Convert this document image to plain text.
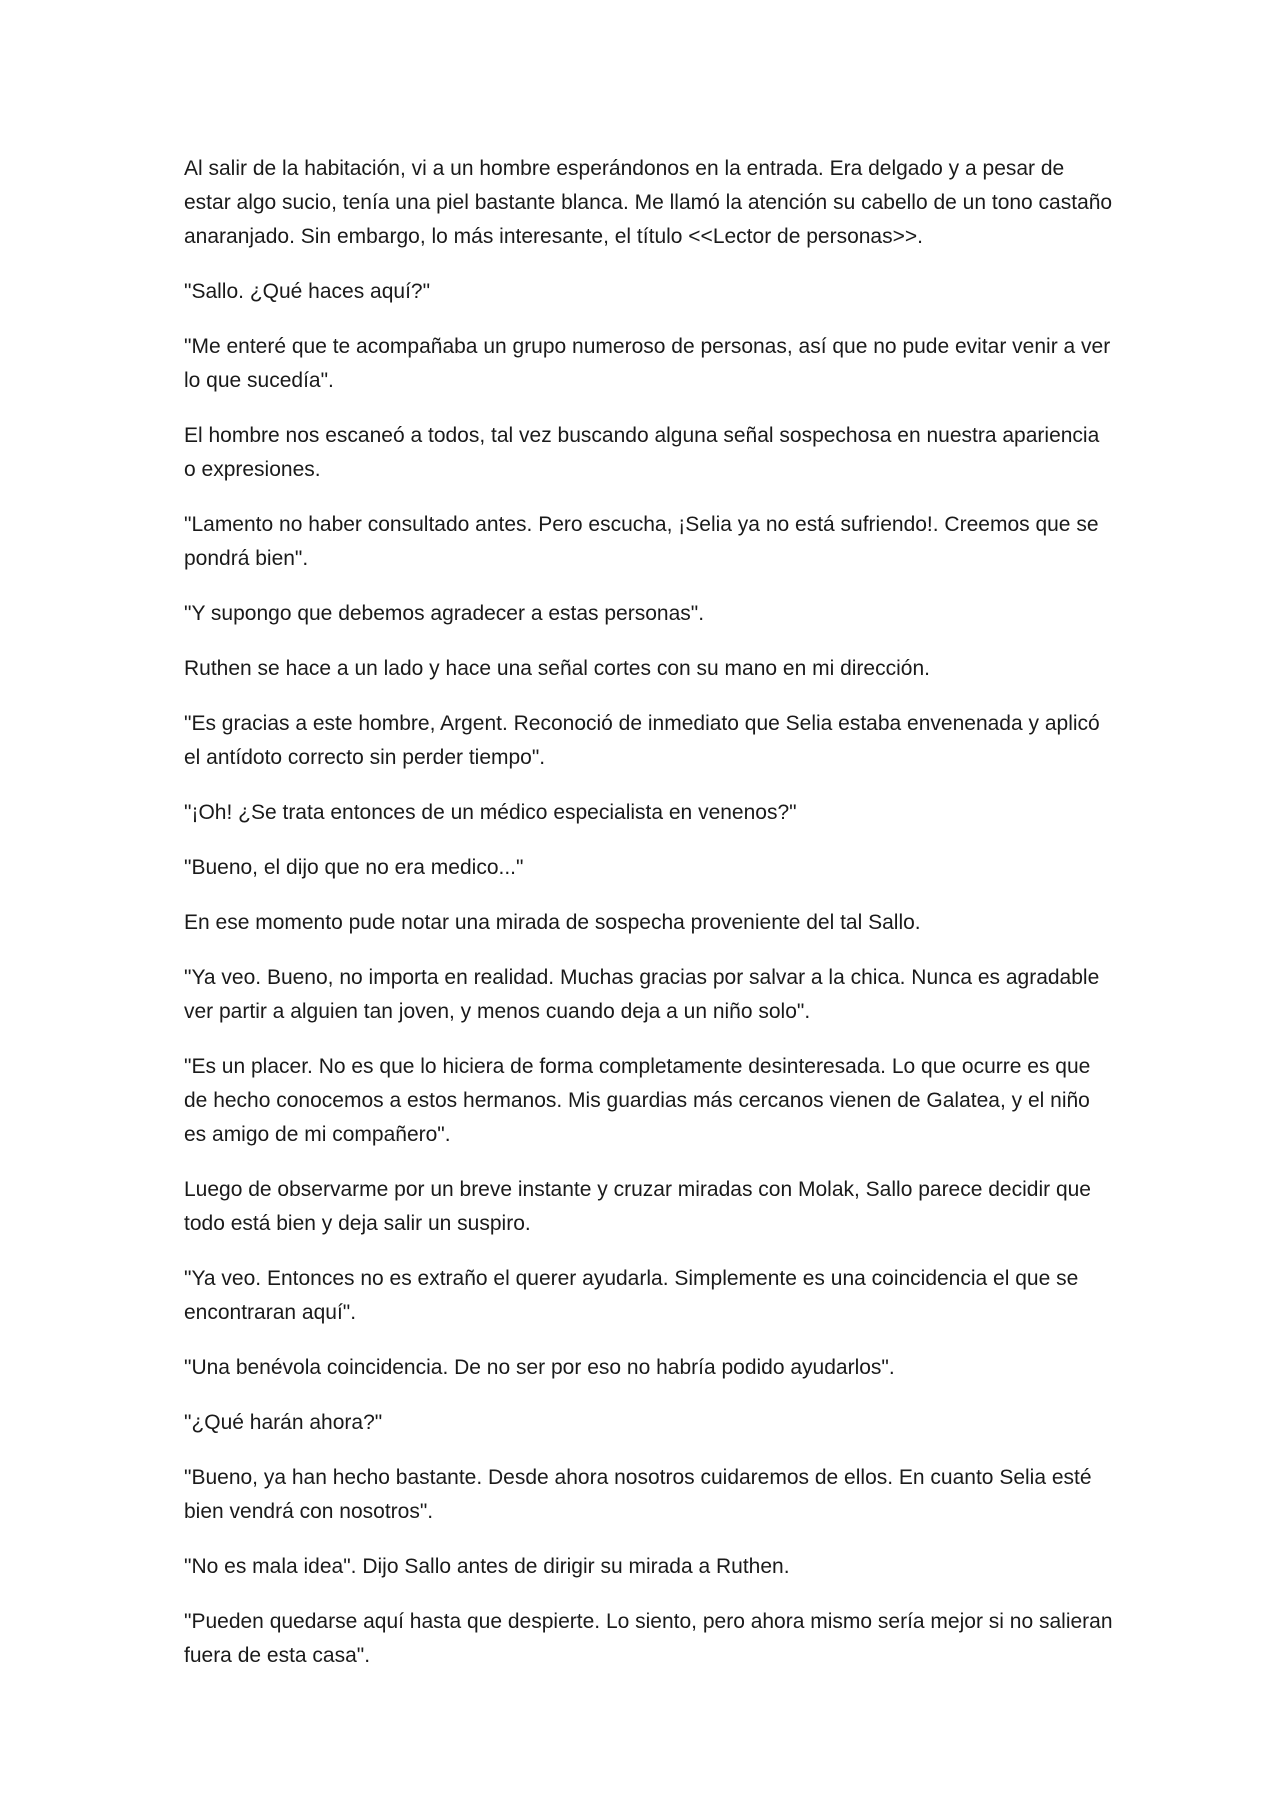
Al salir de la habitación, vi a un hombre esperándonos en la entrada. Era delgado y a pesar de estar algo sucio, tenía una piel bastante blanca. Me llamó la atención su cabello de un tono castaño anaranjado. Sin embargo, lo más interesante, el título <<Lector de personas>>.

"Sallo. ¿Qué haces aquí?"

"Me enteré que te acompañaba un grupo numeroso de personas, así que no pude evitar venir a ver lo que sucedía".

El hombre nos escaneó a todos, tal vez buscando alguna señal sospechosa en nuestra apariencia o expresiones.

"Lamento no haber consultado antes. Pero escucha, ¡Selia ya no está sufriendo!. Creemos que se pondrá bien".

"Y supongo que debemos agradecer a estas personas".

Ruthen se hace a un lado y hace una señal cortes con su mano en mi dirección.

"Es gracias a este hombre, Argent. Reconoció de inmediato que Selia estaba envenenada y aplicó el antídoto correcto sin perder tiempo".

"¡Oh! ¿Se trata entonces de un médico especialista en venenos?"

"Bueno, el dijo que no era medico..."

En ese momento pude notar una mirada de sospecha proveniente del tal Sallo.

"Ya veo. Bueno, no importa en realidad. Muchas gracias por salvar a la chica. Nunca es agradable ver partir a alguien tan joven, y menos cuando deja a un niño solo".

"Es un placer. No es que lo hiciera de forma completamente desinteresada. Lo que ocurre es que de hecho conocemos a estos hermanos. Mis guardias más cercanos vienen de Galatea, y el niño es amigo de mi compañero".

Luego de observarme por un breve instante y cruzar miradas con Molak, Sallo parece decidir que todo está bien y deja salir un suspiro.

"Ya veo. Entonces no es extraño el querer ayudarla. Simplemente es una coincidencia el que se encontraran aquí".

"Una benévola coincidencia. De no ser por eso no habría podido ayudarlos".

"¿Qué harán ahora?"

"Bueno, ya han hecho bastante. Desde ahora nosotros cuidaremos de ellos. En cuanto Selia esté bien vendrá con nosotros".

"No es mala idea". Dijo Sallo antes de dirigir su mirada a Ruthen.

"Pueden quedarse aquí hasta que despierte. Lo siento, pero ahora mismo sería mejor si no salieran fuera de esta casa".
